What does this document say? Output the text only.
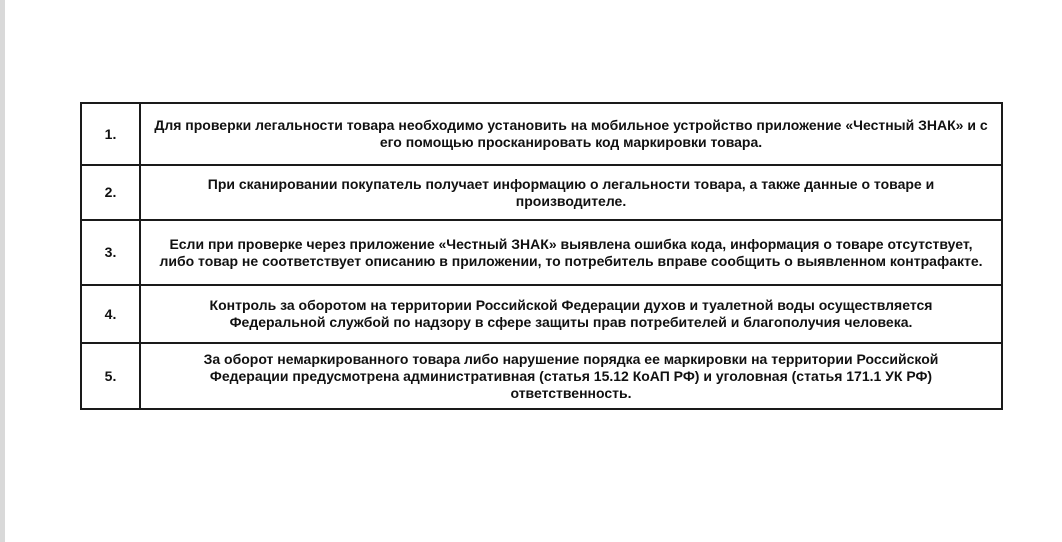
1.	Для проверки легальности товара необходимо установить на мобильное устройство приложение «Честный ЗНАК» и с его помощью просканировать код маркировки товара.

2.	При сканировании покупатель получает информацию о легальности товара, а также данные о товаре и производителе.

3.	Если при проверке через приложение «Честный ЗНАК» выявлена ошибка кода, информация о товаре отсутствует, либо товар не соответствует описанию в приложении, то потребитель вправе сообщить о выявленном контрафакте.

4.	Контроль за оборотом на территории Российской Федерации духов и туалетной воды осуществляется Федеральной службой по надзору в сфере защиты прав потребителей и благополучия человека.

5.	За оборот немаркированного товара либо нарушение порядка ее маркировки на территории Российской Федерации предусмотрена административная (статья 15.12 КоАП РФ) и уголовная (статья 171.1 УК РФ) ответственность.
